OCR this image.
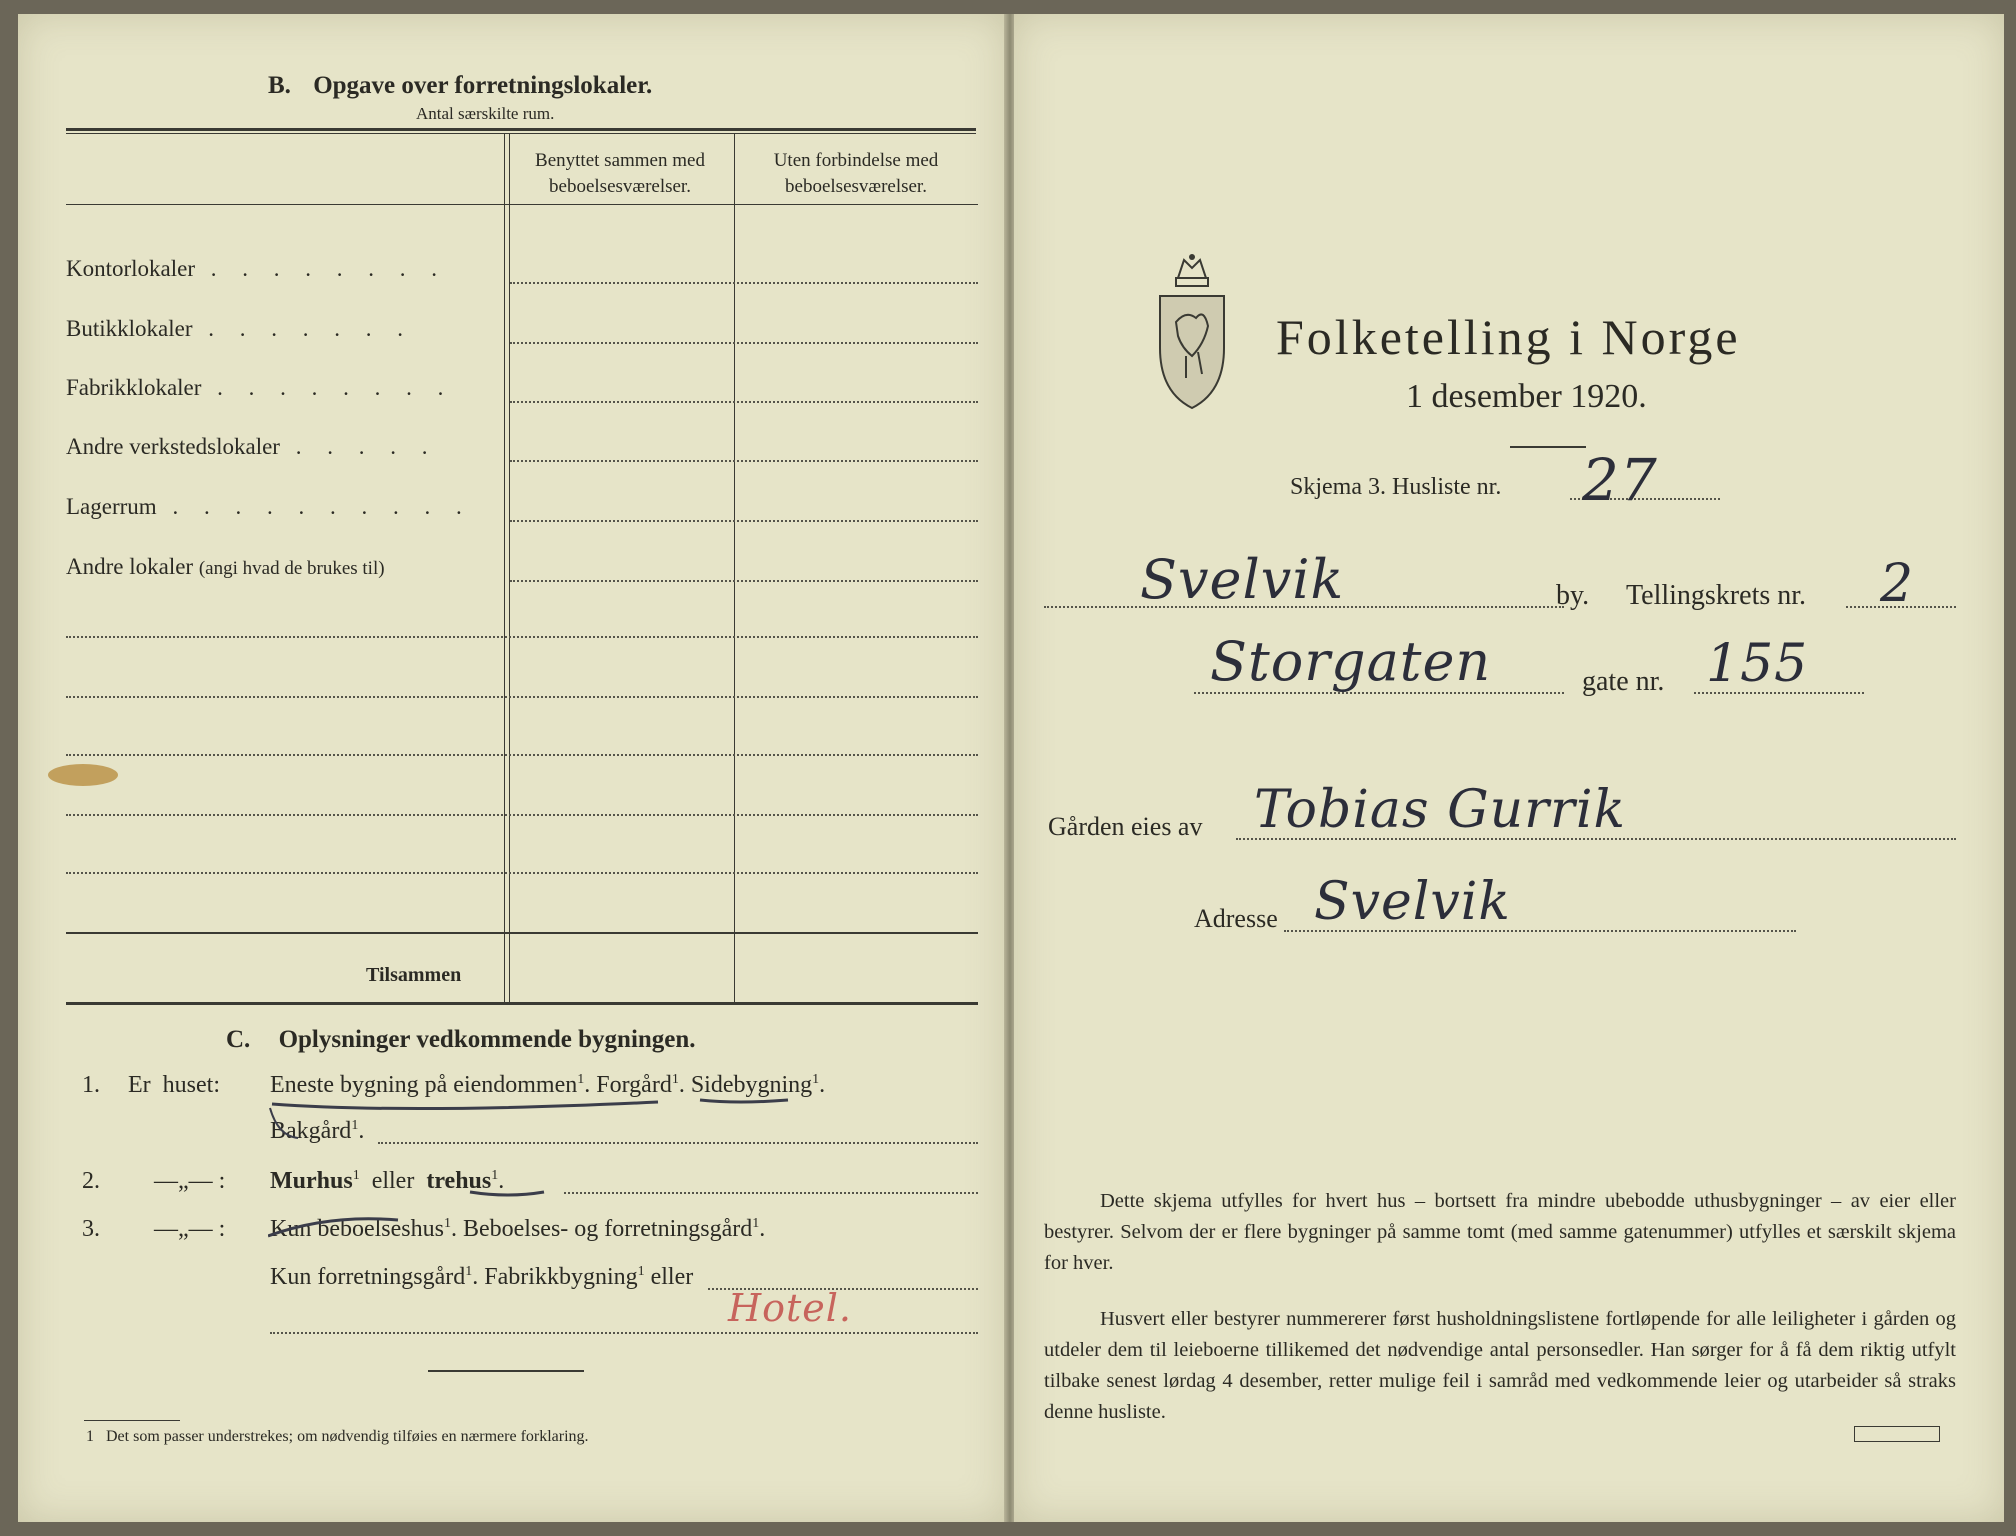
B. Opgave over forretningslokaler.
Antal særskilte rum.
Benyttet sammen med beboelsesværelser.
Uten forbindelse med beboelsesværelser.
Kontorlokaler . . . . . . . .
Butikklokaler . . . . . . .
Fabrikklokaler . . . . . . . .
Andre verkstedslokaler . . . . .
Lagerrum . . . . . . . . . .
Andre lokaler (angi hvad de brukes til)
Tilsammen
C. Oplysninger vedkommende bygningen.
1. Er huset: Eneste bygning på eiendommen$^1$. Forgård$^1$. Sidebygning$^1$.
Bakgård$^1$.
2. —„— : Murhus$^1$ eller trehus$^1$.
3. —„— : Kun beboelseshus$^1$. Beboelses- og forretningsgård$^1$.
Kun forretningsgård$^1$. Fabrikkbygning$^1$ eller
Hotel.
1 Det som passer understrekes; om nødvendig tilføies en nærmere forklaring.
Folketelling i Norge
1 desember 1920.
Skjema 3. Husliste nr. 27
Svelvik	by. Tellingskrets nr. 2
Storgaten	gate nr. 155
Gården eies av Tobias Gurrik
Adresse Svelvik
Dette skjema utfylles for hvert hus – bortsett fra mindre ubebodde uthusbygninger – av eier eller bestyrer. Selvom der er flere bygninger på samme tomt (med samme gatenummer) utfylles et særskilt skjema for hver.
Husvert eller bestyrer nummererer først husholdningslistene fortløpende for alle leiligheter i gården og utdeler dem til leieboerne tillikemed det nødvendige antal personsedler. Han sørger for å få dem riktig utfylt tilbake senest lørdag 4 desember, retter mulige feil i samråd med vedkommende leier og utarbeider så straks denne husliste.
